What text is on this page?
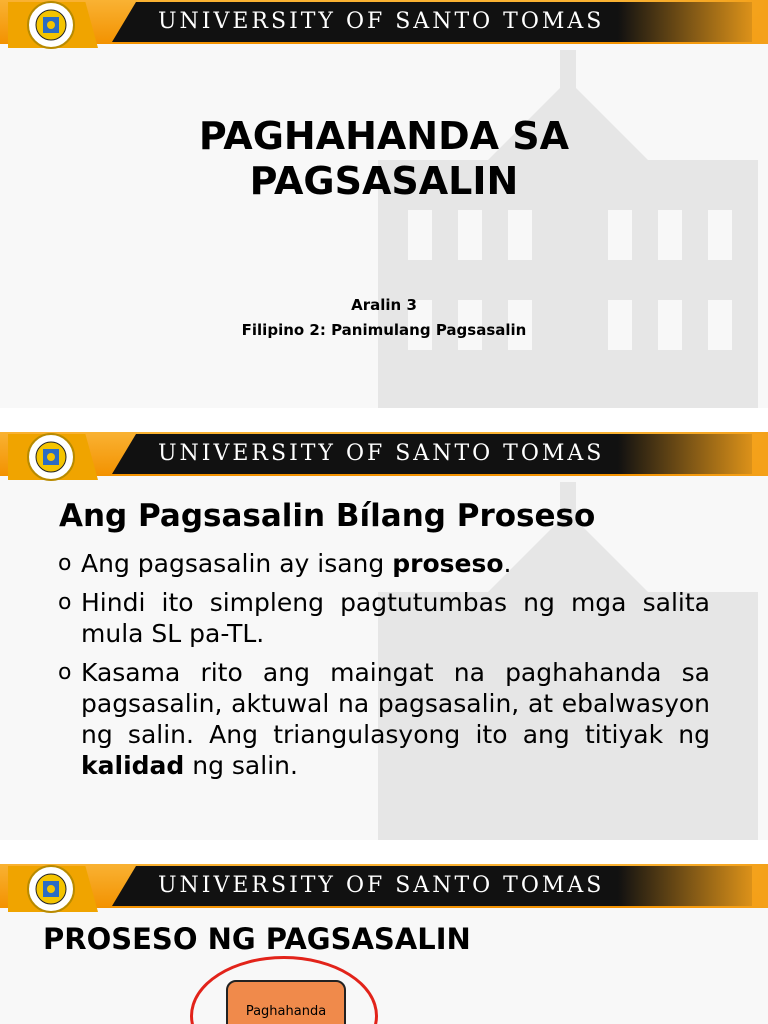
UNIVERSITY OF SANTO TOMAS
PAGHAHANDA SA
PAGSASALIN
Aralin 3
Filipino 2: Panimulang Pagsasalin
UNIVERSITY OF SANTO TOMAS
Ang Pagsasalin Bílang Proseso
o Ang pagsasalin ay isang proseso.
o Hindi ito simpleng pagtutumbas ng mga salita mula SL pa-TL.
o Kasama rito ang maingat na paghahanda sa pagsasalin, aktuwal na pagsasalin, at ebalwasyon ng salin. Ang triangulasyong ito ang titiyak ng kalidad ng salin.
UNIVERSITY OF SANTO TOMAS
PROSESO NG PAGSASALIN
Paghahanda
